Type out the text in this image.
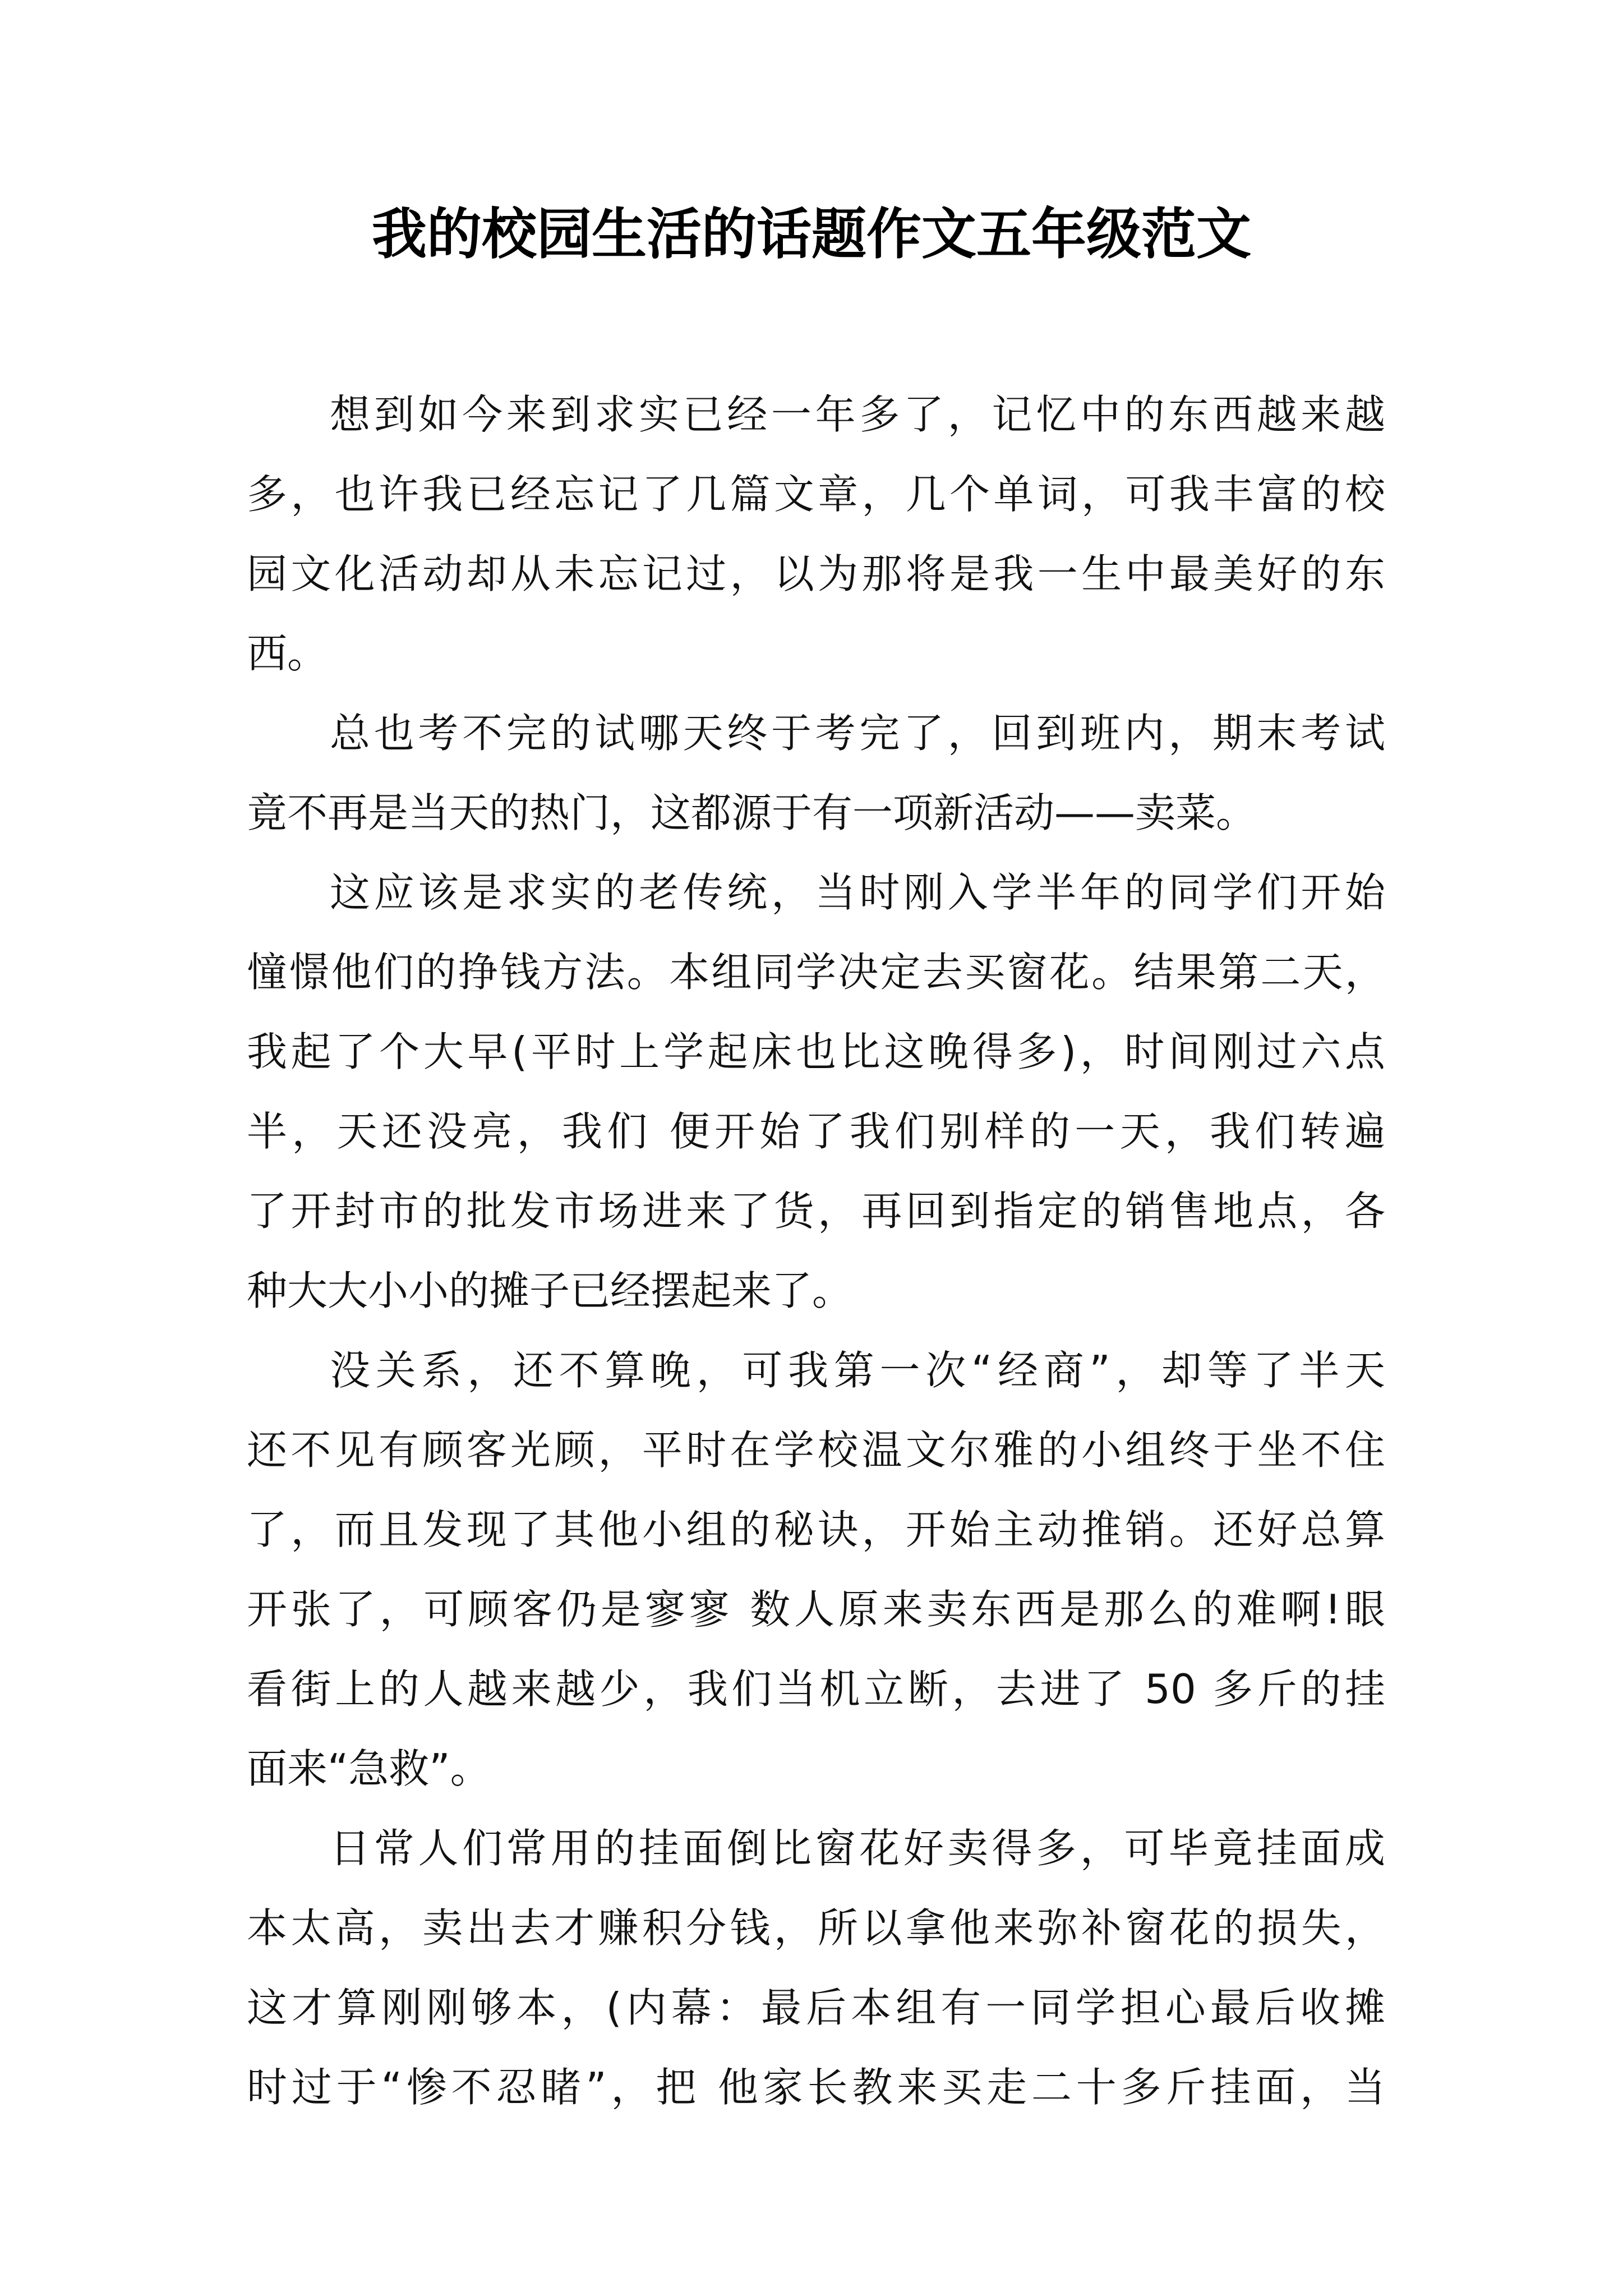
我的校园生活的话题作文五年级范文
想到如今来到求实已经一年多了，记忆中的东西越来越
多，也许我已经忘记了几篇文章，几个单词，可我丰富的校
园文化活动却从未忘记过，以为那将是我一生中最美好的东
西。
总也考不完的试哪天终于考完了，回到班内，期末考试
竟不再是当天的热门，这都源于有一项新活动——卖菜。
这应该是求实的老传统，当时刚入学半年的同学们开始
憧憬他们的挣钱方法。本组同学决定去买窗花。结果第二天，
我起了个大早(平时上学起床也比这晚得多)，时间刚过六点
半，天还没亮，我们 便开始了我们别样的一天，我们转遍
了开封市的批发市场进来了货，再回到指定的销售地点，各
种大大小小的摊子已经摆起来了。
没关系，还不算晚，可我第一次“经商”，却等了半天
还不见有顾客光顾，平时在学校温文尔雅的小组终于坐不住
了，而且发现了其他小组的秘诀，开始主动推销。还好总算
开张了，可顾客仍是寥寥 数人原来卖东西是那么的难啊!眼
看街上的人越来越少，我们当机立断，去进了 50 多斤的挂
面来“急救”。
日常人们常用的挂面倒比窗花好卖得多，可毕竟挂面成
本太高，卖出去才赚积分钱，所以拿他来弥补窗花的损失，
这才算刚刚够本，(内幕：最后本组有一同学担心最后收摊
时过于“惨不忍睹”，把 他家长教来买走二十多斤挂面，当
